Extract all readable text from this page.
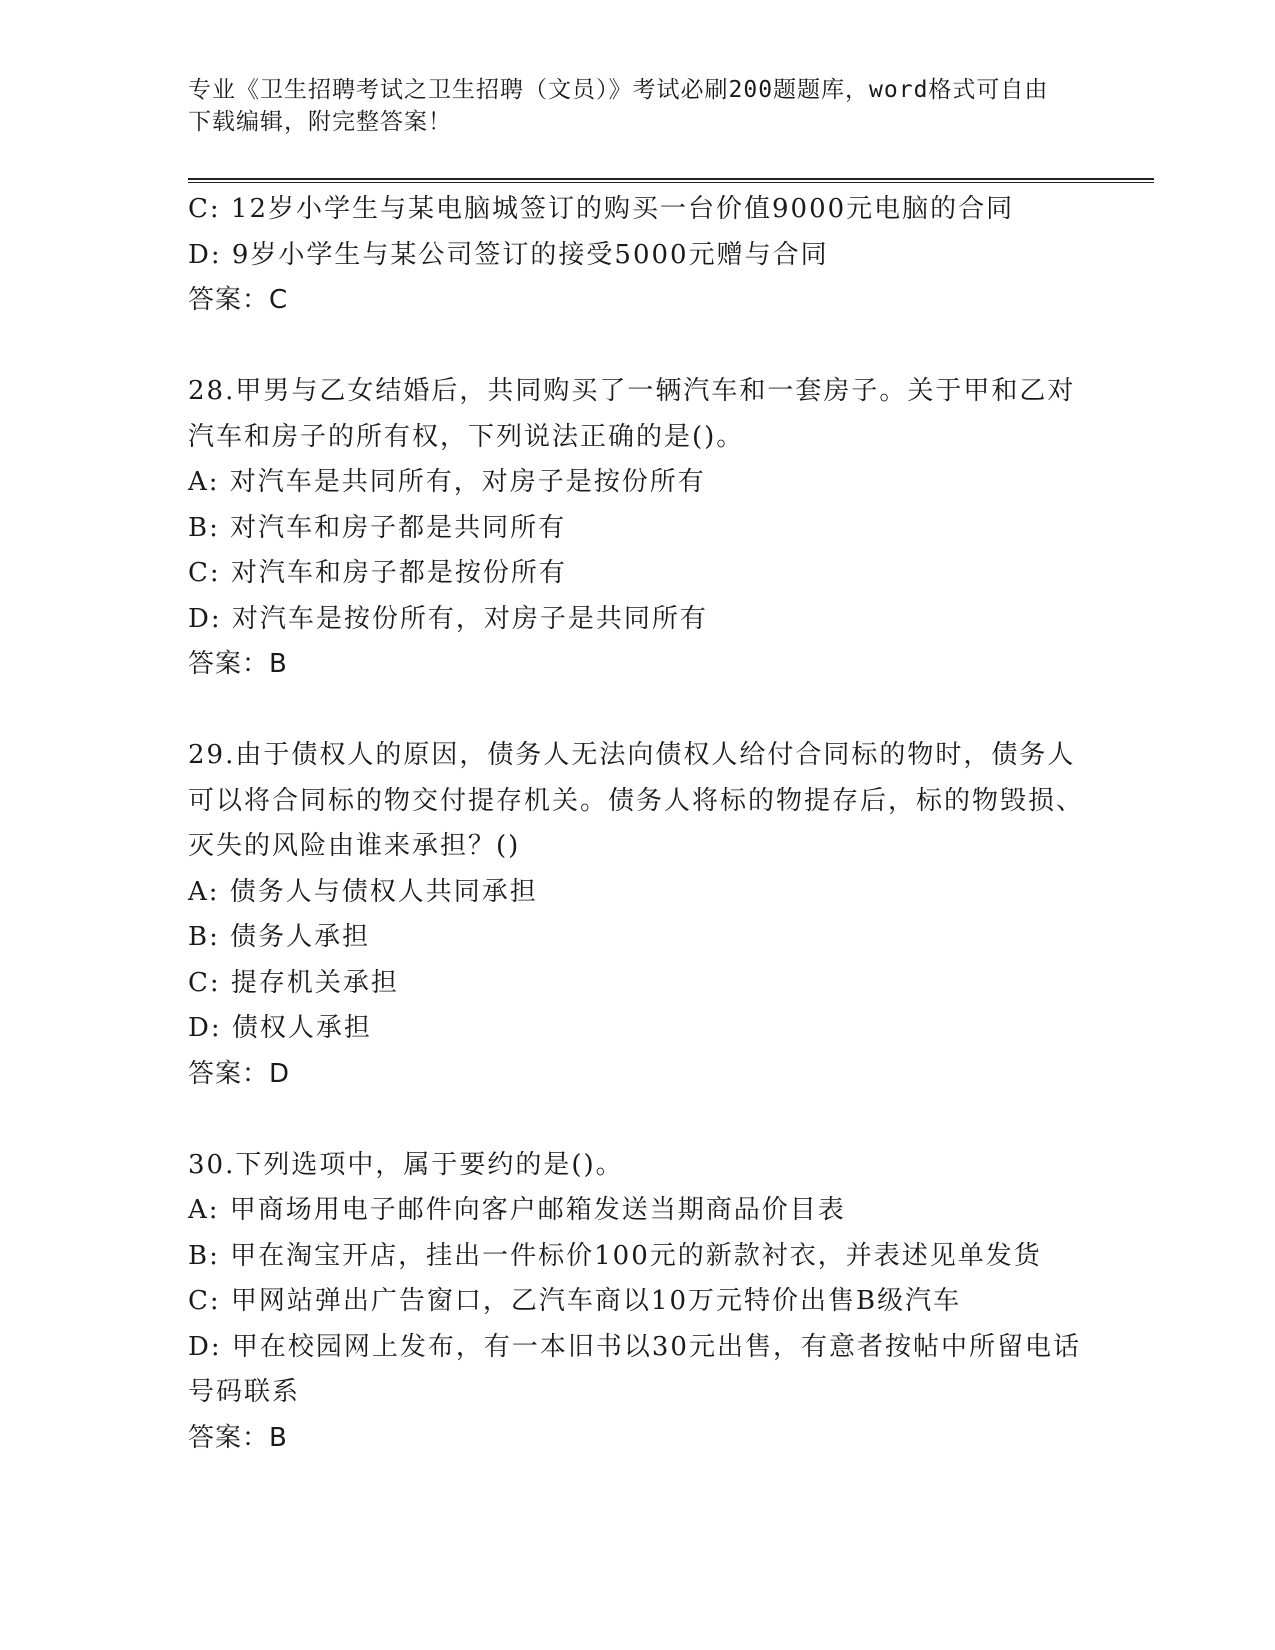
专业《卫生招聘考试之卫生招聘（文员）》考试必刷200题题库，word格式可自由下载编辑，附完整答案！

C: 12岁小学生与某电脑城签订的购买一台价值9000元电脑的合同

D: 9岁小学生与某公司签订的接受5000元赠与合同

答案：C

28.甲男与乙女结婚后，共同购买了一辆汽车和一套房子。关于甲和乙对汽车和房子的所有权，下列说法正确的是()。

A: 对汽车是共同所有，对房子是按份所有

B: 对汽车和房子都是共同所有

C: 对汽车和房子都是按份所有

D: 对汽车是按份所有，对房子是共同所有

答案：B

29.由于债权人的原因，债务人无法向债权人给付合同标的物时，债务人可以将合同标的物交付提存机关。债务人将标的物提存后，标的物毁损、灭失的风险由谁来承担？()

A: 债务人与债权人共同承担

B: 债务人承担

C: 提存机关承担

D: 债权人承担

答案：D

30.下列选项中，属于要约的是()。

A: 甲商场用电子邮件向客户邮箱发送当期商品价目表

B: 甲在淘宝开店，挂出一件标价100元的新款衬衣，并表述见单发货

C: 甲网站弹出广告窗口，乙汽车商以10万元特价出售B级汽车

D: 甲在校园网上发布，有一本旧书以30元出售，有意者按帖中所留电话号码联系

答案：B
